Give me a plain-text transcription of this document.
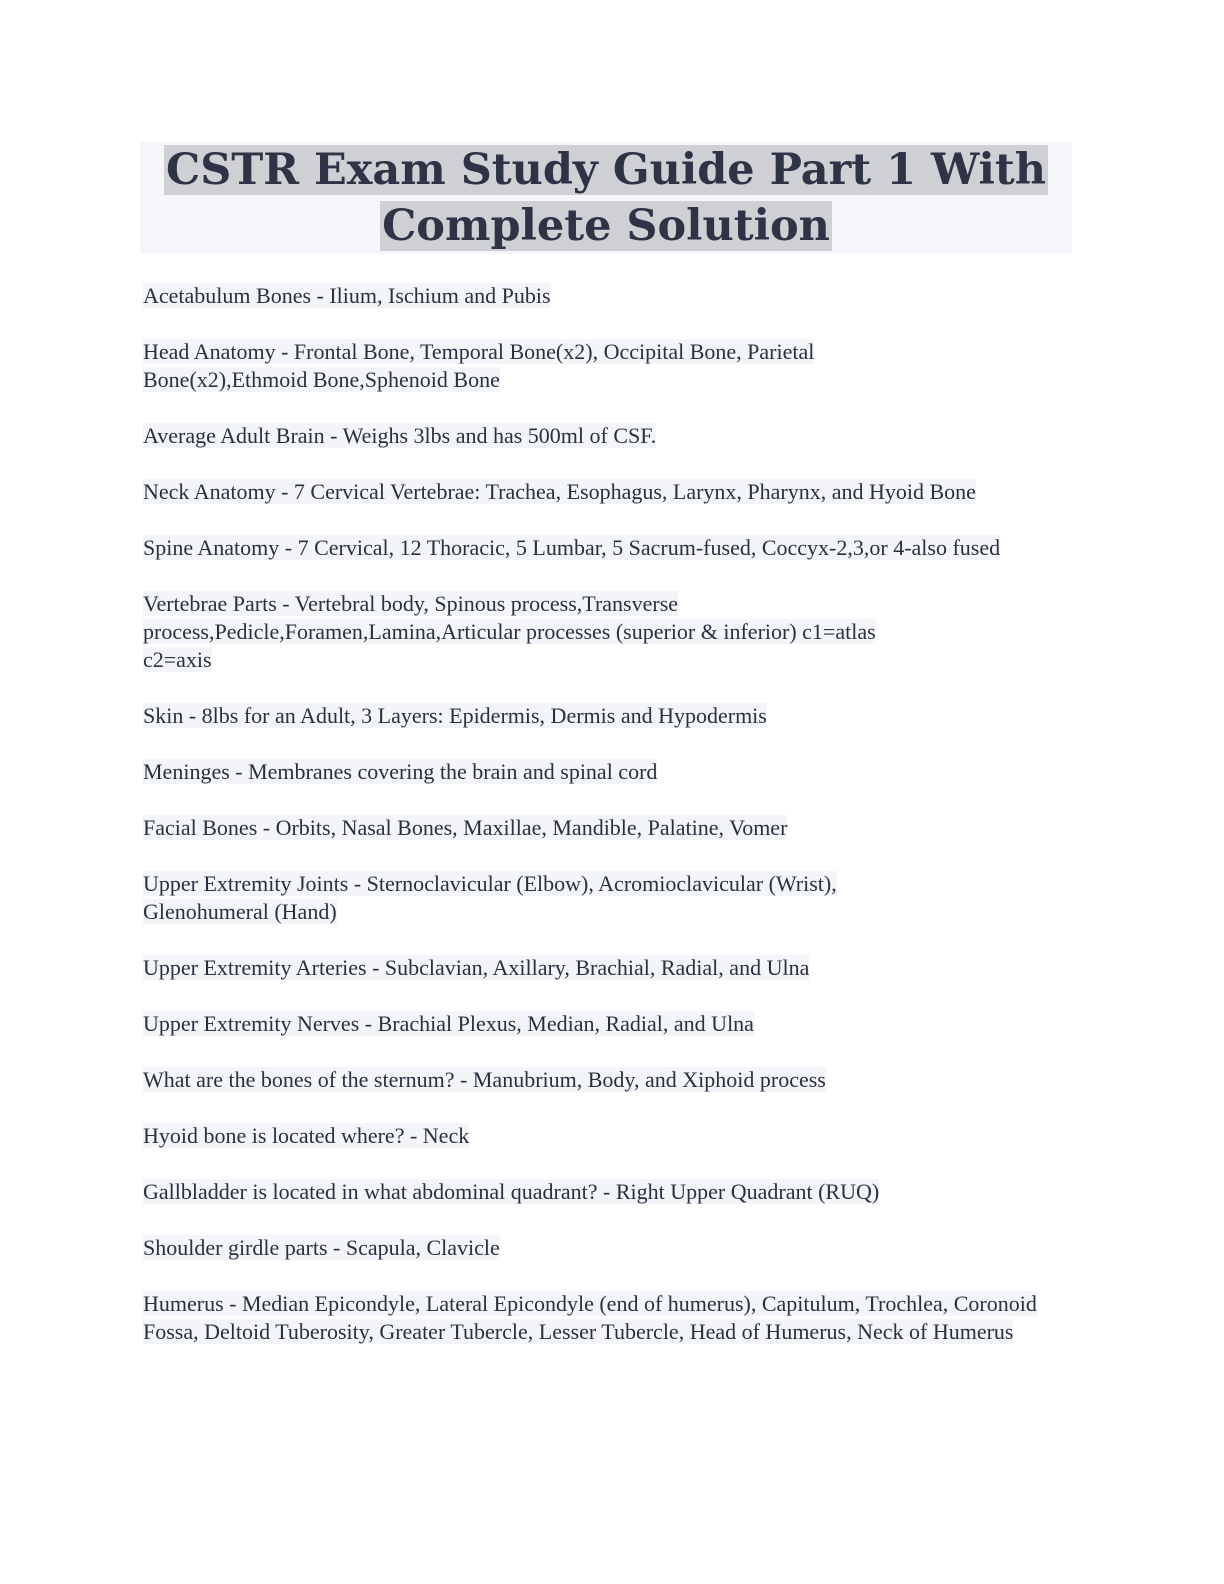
CSTR Exam Study Guide Part 1 With
Complete Solution

Acetabulum Bones - Ilium, Ischium and Pubis

Head Anatomy - Frontal Bone, Temporal Bone(x2), Occipital Bone, Parietal Bone(x2),Ethmoid Bone,Sphenoid Bone

Average Adult Brain - Weighs 3lbs and has 500ml of CSF.

Neck Anatomy - 7 Cervical Vertebrae: Trachea, Esophagus, Larynx, Pharynx, and Hyoid Bone

Spine Anatomy - 7 Cervical, 12 Thoracic, 5 Lumbar, 5 Sacrum-fused, Coccyx-2,3,or 4-also fused

Vertebrae Parts - Vertebral body, Spinous process,Transverse process,Pedicle,Foramen,Lamina,Articular processes (superior & inferior) c1=atlas c2=axis

Skin - 8lbs for an Adult, 3 Layers: Epidermis, Dermis and Hypodermis

Meninges - Membranes covering the brain and spinal cord

Facial Bones - Orbits, Nasal Bones, Maxillae, Mandible, Palatine, Vomer

Upper Extremity Joints - Sternoclavicular (Elbow), Acromioclavicular (Wrist), Glenohumeral (Hand)

Upper Extremity Arteries - Subclavian, Axillary, Brachial, Radial, and Ulna

Upper Extremity Nerves - Brachial Plexus, Median, Radial, and Ulna

What are the bones of the sternum? - Manubrium, Body, and Xiphoid process

Hyoid bone is located where? - Neck

Gallbladder is located in what abdominal quadrant? - Right Upper Quadrant (RUQ)

Shoulder girdle parts - Scapula, Clavicle

Humerus - Median Epicondyle, Lateral Epicondyle (end of humerus), Capitulum, Trochlea, Coronoid Fossa, Deltoid Tuberosity, Greater Tubercle, Lesser Tubercle, Head of Humerus, Neck of Humerus
